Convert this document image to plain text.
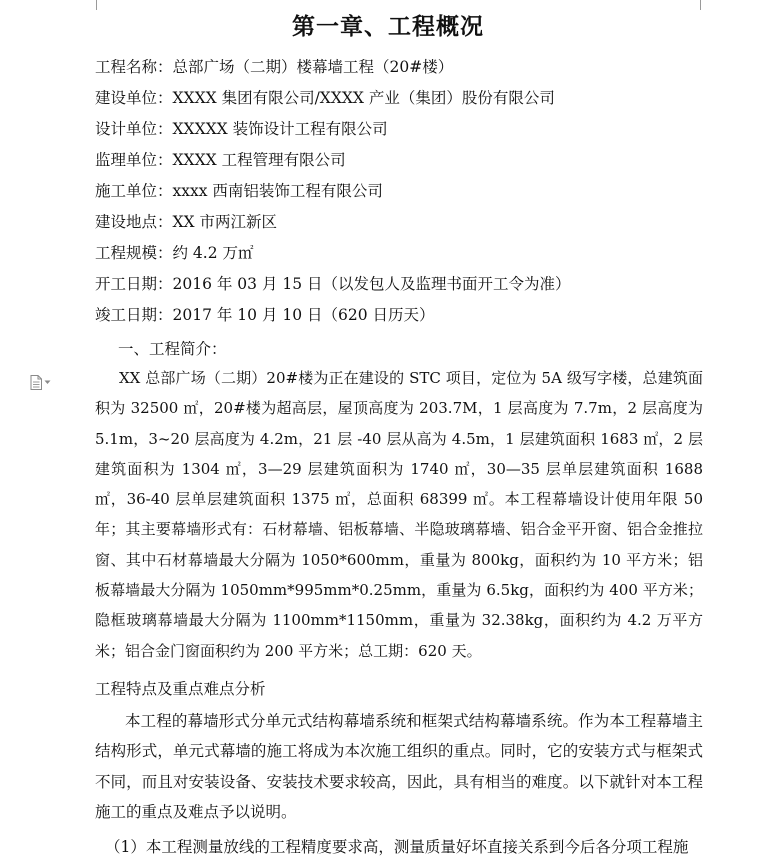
第一章、工程概况
工程名称：总部广场（二期）楼幕墙工程（20#楼）
建设单位：XXXX 集团有限公司/XXXX 产业（集团）股份有限公司
设计单位：XXXXX 装饰设计工程有限公司
监理单位：XXXX 工程管理有限公司
施工单位：xxxx 西南铝装饰工程有限公司
建设地点：XX 市两江新区
工程规模：约 4.2 万㎡
开工日期：2016 年 03 月 15 日（以发包人及监理书面开工令为准）
竣工日期：2017 年 10 月 10 日（620 日历天）
一、工程简介：

XX 总部广场（二期）20#楼为正在建设的 STC 项目，定位为 5A 级写字楼，总建筑面积为 32500 ㎡，20#楼为超高层，屋顶高度为 203.7M，1 层高度为 7.7m，2 层高度为 5.1m，3~20 层高度为 4.2m，21 层 -40 层从高为 4.5m，1 层建筑面积 1683 ㎡，2 层建筑面积为 1304 ㎡，3—29 层建筑面积为 1740 ㎡，30—35 层单层建筑面积 1688 ㎡，36-40 层单层建筑面积 1375 ㎡，总面积 68399 ㎡。本工程幕墙设计使用年限 50 年；其主要幕墙形式有：石材幕墙、铝板幕墙、半隐玻璃幕墙、铝合金平开窗、铝合金推拉窗、其中石材幕墙最大分隔为 1050*600mm，重量为 800kg，面积约为 10 平方米；铝板幕墙最大分隔为 1050mm*995mm*0.25mm，重量为 6.5kg，面积约为 400 平方米；隐框玻璃幕墙最大分隔为 1100mm*1150mm，重量为 32.38kg，面积约为 4.2 万平方米；铝合金门窗面积约为 200 平方米；总工期：620 天。

工程特点及重点难点分析

本工程的幕墙形式分单元式结构幕墙系统和框架式结构幕墙系统。作为本工程幕墙主结构形式，单元式幕墙的施工将成为本次施工组织的重点。同时，它的安装方式与框架式不同，而且对安装设备、安装技术要求较高，因此，具有相当的难度。以下就针对本工程施工的重点及难点予以说明。

（1）本工程测量放线的工程精度要求高，测量质量好坏直接关系到今后各分项工程施
